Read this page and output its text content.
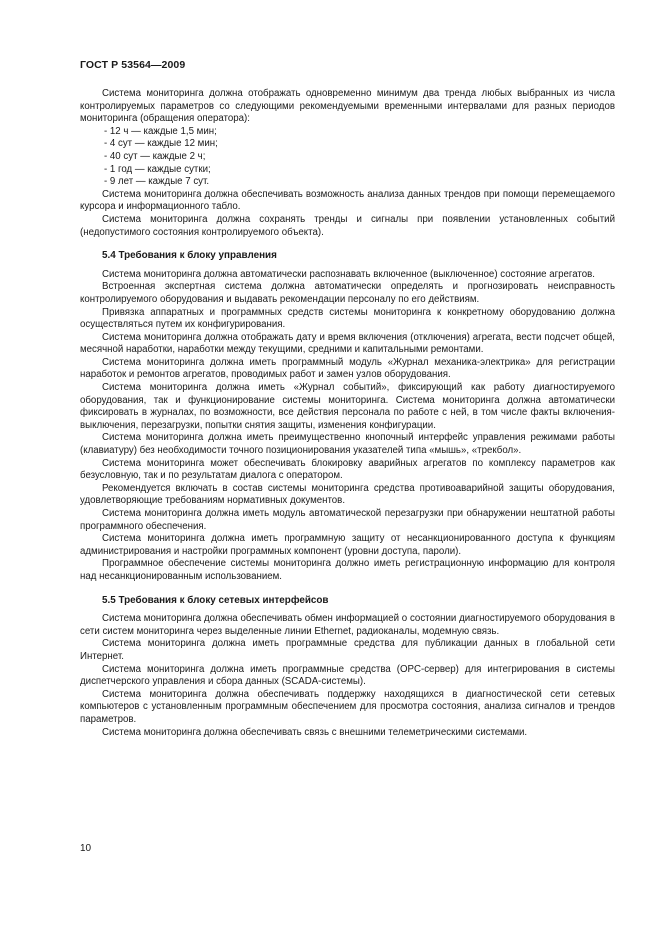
ГОСТ Р 53564—2009

Система мониторинга должна отображать одновременно минимум два тренда любых выбранных из числа контролируемых параметров со следующими рекомендуемыми временными интервалами для разных периодов мониторинга (обращения оператора):

- 12 ч — каждые 1,5 мин;
- 4 сут — каждые 12 мин;
- 40 сут — каждые 2 ч;
- 1 год — каждые сутки;
- 9 лет — каждые 7 сут.

Система мониторинга должна обеспечивать возможность анализа данных трендов при помощи перемещаемого курсора и информационного табло.

Система мониторинга должна сохранять тренды и сигналы при появлении установленных событий (недопустимого состояния контролируемого объекта).

5.4 Требования к блоку управления

Система мониторинга должна автоматически распознавать включенное (выключенное) состояние агрегатов.

Встроенная экспертная система должна автоматически определять и прогнозировать неисправность контролируемого оборудования и выдавать рекомендации персоналу по его действиям.

Привязка аппаратных и программных средств системы мониторинга к конкретному оборудованию должна осуществляться путем их конфигурирования.

Система мониторинга должна отображать дату и время включения (отключения) агрегата, вести подсчет общей, месячной наработки, наработки между текущими, средними и капитальными ремонтами.

Система мониторинга должна иметь программный модуль «Журнал механика-электрика» для регистрации наработок и ремонтов агрегатов, проводимых работ и замен узлов оборудования.

Система мониторинга должна иметь «Журнал событий», фиксирующий как работу диагностируемого оборудования, так и функционирование системы мониторинга. Система мониторинга должна автоматически фиксировать в журналах, по возможности, все действия персонала по работе с ней, в том числе факты включения-выключения, перезагрузки, попытки снятия защиты, изменения конфигурации.

Система мониторинга должна иметь преимущественно кнопочный интерфейс управления режимами работы (клавиатуру) без необходимости точного позиционирования указателей типа «мышь», «трекбол».

Система мониторинга может обеспечивать блокировку аварийных агрегатов по комплексу параметров как безусловную, так и по результатам диалога с оператором.

Рекомендуется включать в состав системы мониторинга средства противоаварийной защиты оборудования, удовлетворяющие требованиям нормативных документов.

Система мониторинга должна иметь модуль автоматической перезагрузки при обнаружении нештатной работы программного обеспечения.

Система мониторинга должна иметь программную защиту от несанкционированного доступа к функциям администрирования и настройки программных компонент (уровни доступа, пароли).

Программное обеспечение системы мониторинга должно иметь регистрационную информацию для контроля над несанкционированным использованием.

5.5 Требования к блоку сетевых интерфейсов

Система мониторинга должна обеспечивать обмен информацией о состоянии диагностируемого оборудования в сети систем мониторинга через выделенные линии Ethernet, радиоканалы, модемную связь.

Система мониторинга должна иметь программные средства для публикации данных в глобальной сети Интернет.

Система мониторинга должна иметь программные средства (OPC-сервер) для интегрирования в системы диспетчерского управления и сбора данных (SCADA-системы).

Система мониторинга должна обеспечивать поддержку находящихся в диагностической сети сетевых компьютеров с установленным программным обеспечением для просмотра состояния, анализа сигналов и трендов параметров.

Система мониторинга должна обеспечивать связь с внешними телеметрическими системами.

10
